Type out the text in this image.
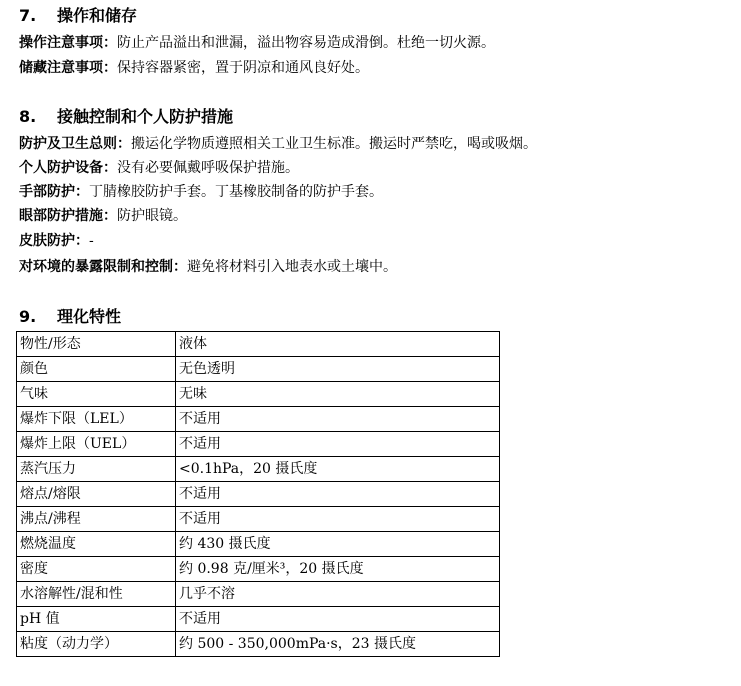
7. 操作和储存

操作注意事项：防止产品溢出和泄漏，溢出物容易造成滑倒。杜绝一切火源。

储藏注意事项：保持容器紧密，置于阴凉和通风良好处。

8. 接触控制和个人防护措施

防护及卫生总则：搬运化学物质遵照相关工业卫生标准。搬运时严禁吃，喝或吸烟。

个人防护设备：没有必要佩戴呼吸保护措施。

手部防护：丁腈橡胶防护手套。丁基橡胶制备的防护手套。

眼部防护措施：防护眼镜。

皮肤防护：-

对环境的暴露限制和控制：避免将材料引入地表水或土壤中。

9. 理化特性
物性/形态	液体
颜色	无色透明
气味	无味
爆炸下限（LEL）	不适用
爆炸上限（UEL）	不适用
蒸汽压力	<0.1hPa，20 摄氏度
熔点/熔限	不适用
沸点/沸程	不适用
燃烧温度	约 430 摄氏度
密度	约 0.98 克/厘米³，20 摄氏度
水溶解性/混和性	几乎不溶
pH 值	不适用
粘度（动力学）	约 500 - 350,000mPa·s，23 摄氏度
